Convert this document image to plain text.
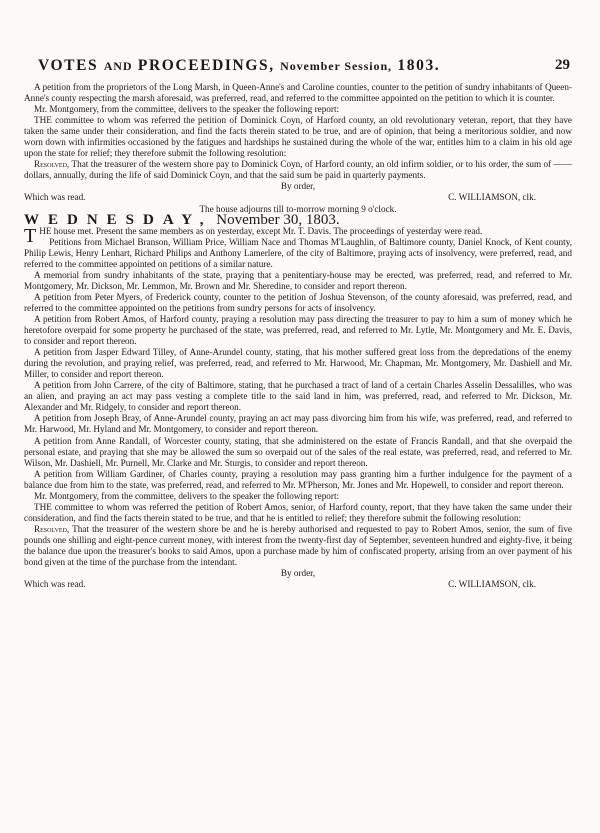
VOTES AND PROCEEDINGS, November Session, 1803.	29

A petition from the proprietors of the Long Marsh, in Queen-Anne's and Caroline counties, counter to the petition of sundry inhabitants of Queen-Anne's county respecting the marsh aforesaid, was preferred, read, and referred to the committee appointed on the petition to which it is counter.

Mr. Montgomery, from the committee, delivers to the speaker the following report:

THE committee to whom was referred the petition of Dominick Coyn, of Harford county, an old revolutionary veteran, report, that they have taken the same under their consideration, and find the facts therein stated to be true, and are of opinion, that being a meritorious soldier, and now worn down with infirmities occasioned by the fatigues and hardships he sustained during the whole of the war, entitles him to a claim in his old age upon the state for relief; they therefore submit the following resolution:

Resolved, That the treasurer of the western shore pay to Dominick Coyn, of Harford county, an old infirm soldier, or to his order, the sum of —— dollars, annually, during the life of said Dominick Coyn, and that the said sum be paid in quarterly payments.

By order,

Which was read.	C. WILLIAMSON, clk.

The house adjourns till to-morrow morning 9 o'clock.

WEDNESDAY, November 30, 1803.

THE house met. Present the same members as on yesterday, except Mr. T. Davis. The proceedings of yesterday were read.

Petitions from Michael Branson, William Price, William Nace and Thomas M'Laughlin, of Baltimore county, Daniel Knock, of Kent county, Philip Lewis, Henry Lenhart, Richard Philips and Anthony Lamerlere, of the city of Baltimore, praying acts of insolvency, were preferred, read, and referred to the committee appointed on petitions of a similar nature.

A memorial from sundry inhabitants of the state, praying that a penitentiary-house may be erected, was preferred, read, and referred to Mr. Montgomery, Mr. Dickson, Mr. Lemmon, Mr. Brown and Mr. Sheredine, to consider and report thereon.

A petition from Peter Myers, of Frederick county, counter to the petition of Joshua Stevenson, of the county aforesaid, was preferred, read, and referred to the committee appointed on the petitions from sundry persons for acts of insolvency.

A petition from Robert Amos, of Harford county, praying a resolution may pass directing the treasurer to pay to him a sum of money which he heretofore overpaid for some property he purchased of the state, was preferred, read, and referred to Mr. Lytle, Mr. Montgomery and Mr. E. Davis, to consider and report thereon.

A petition from Jasper Edward Tilley, of Anne-Arundel county, stating, that his mother suffered great loss from the depredations of the enemy during the revolution, and praying relief, was preferred, read, and referred to Mr. Harwood, Mr. Chapman, Mr. Montgomery, Mr. Dashiell and Mr. Miller, to consider and report thereon.

A petition from John Carrere, of the city of Baltimore, stating, that he purchased a tract of land of a certain Charles Asselin Dessalilles, who was an alien, and praying an act may pass vesting a complete title to the said land in him, was preferred, read, and referred to Mr. Dickson, Mr. Alexander and Mr. Ridgely, to consider and report thereon.

A petition from Joseph Bray, of Anne-Arundel county, praying an act may pass divorcing him from his wife, was preferred, read, and referred to Mr. Harwood, Mr. Hyland and Mr. Montgomery, to consider and report thereon.

A petition from Anne Randall, of Worcester county, stating, that she administered on the estate of Francis Randall, and that she overpaid the personal estate, and praying that she may be allowed the sum so overpaid out of the sales of the real estate, was preferred, read, and referred to Mr. Wilson, Mr. Dashiell, Mr. Purnell, Mr. Clarke and Mr. Sturgis, to consider and report thereon.

A petition from William Gardiner, of Charles county, praying a resolution may pass granting him a further indulgence for the payment of a balance due from him to the state, was preferred, read, and referred to Mr. M'Pherson, Mr. Jones and Mr. Hopewell, to consider and report thereon.

Mr. Montgomery, from the committee, delivers to the speaker the following report:

THE committee to whom was referred the petition of Robert Amos, senior, of Harford county, report, that they have taken the same under their consideration, and find the facts therein stated to be true, and that he is entitled to relief; they therefore submit the following resolution:

Resolved, That the treasurer of the western shore be and he is hereby authorised and requested to pay to Robert Amos, senior, the sum of five pounds one shilling and eight-pence current money, with interest from the twenty-first day of September, seventeen hundred and eighty-five, it being the balance due upon the treasurer's books to said Amos, upon a purchase made by him of confiscated property, arising from an over payment of his bond given at the time of the purchase from the intendant.

By order,

Which was read.	C. WILLIAMSON, clk.
